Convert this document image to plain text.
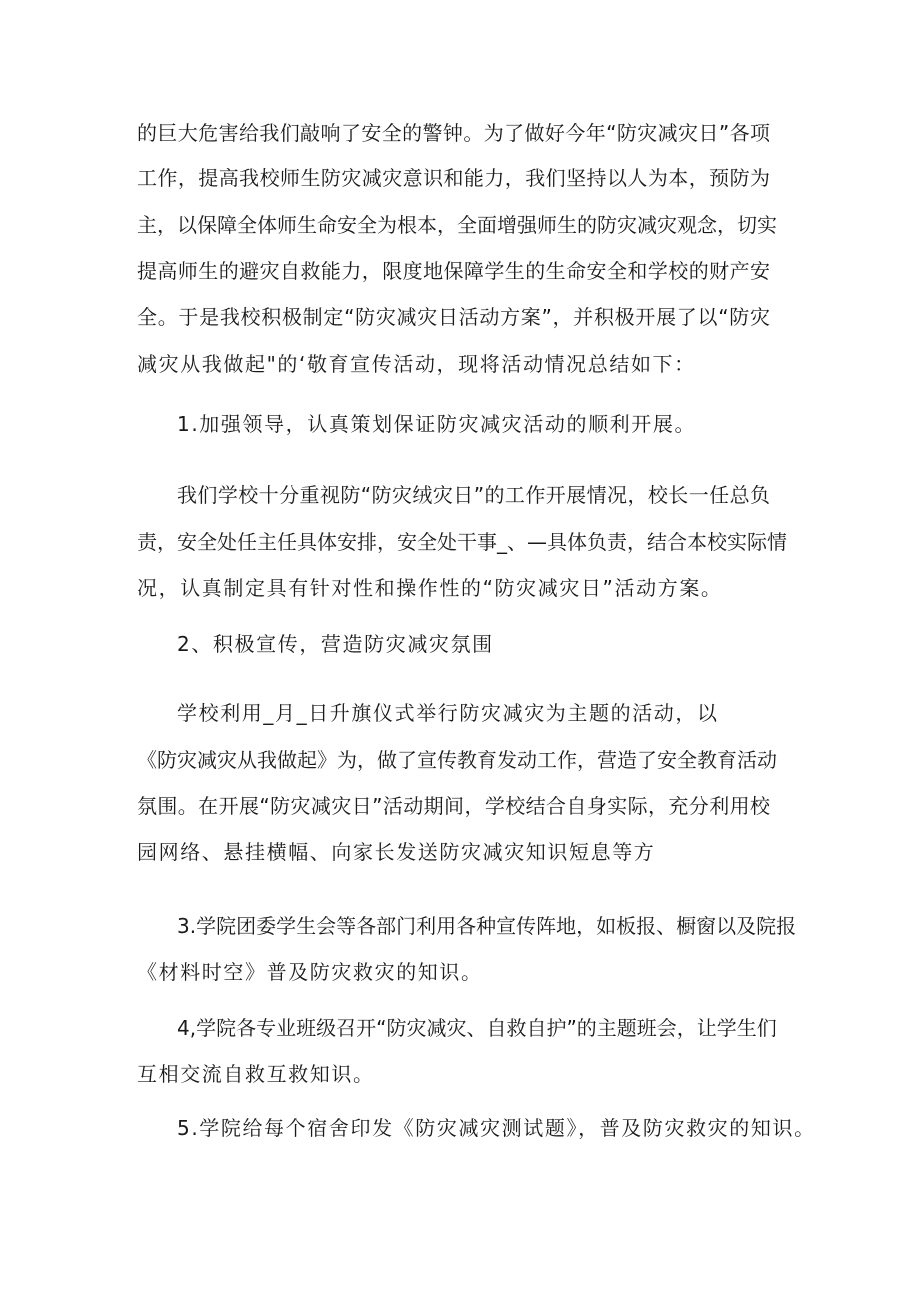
的巨大危害给我们敲响了安全的警钟。为了做好今年“防灾减灾日”各项
工作，提高我校师生防灾减灾意识和能力，我们坚持以人为本，预防为
主，以保障全体师生命安全为根本，全面增强师生的防灾减灾观念，切实
提高师生的避灾自救能力，限度地保障学生的生命安全和学校的财产安
全。于是我校积极制定“防灾减灾日活动方案”，并积极开展了以“防灾
减灾从我做起"的‘敬育宣传活动，现将活动情况总结如下：
1.加强领导，认真策划保证防灾减灾活动的顺利开展。
我们学校十分重视防“防灾绒灾日”的工作开展情况，校长一任总负
责，安全处任主任具体安排，安全处干事_、—具体负责，结合本校实际情
况，认真制定具有针对性和操作性的“防灾减灾日”活动方案。
2、积极宣传，营造防灾减灾氛围
学校利用_月_日升旗仪式举行防灾减灾为主题的活动，以
《防灾减灾从我做起》为，做了宣传教育发动工作，营造了安全教育活动
氛围。在开展“防灾减灾日”活动期间，学校结合自身实际，充分利用校
园网络、悬挂横幅、向家长发送防灾减灾知识短息等方
3.学院团委学生会等各部门利用各种宣传阵地，如板报、橱窗以及院报
《材料时空》普及防灾救灾的知识。
4,学院各专业班级召开“防灾减灾、自救自护”的主题班会，让学生们
互相交流自救互救知识。
5.学院给每个宿舍印发《防灾减灾测试题》，普及防灾救灾的知识。
